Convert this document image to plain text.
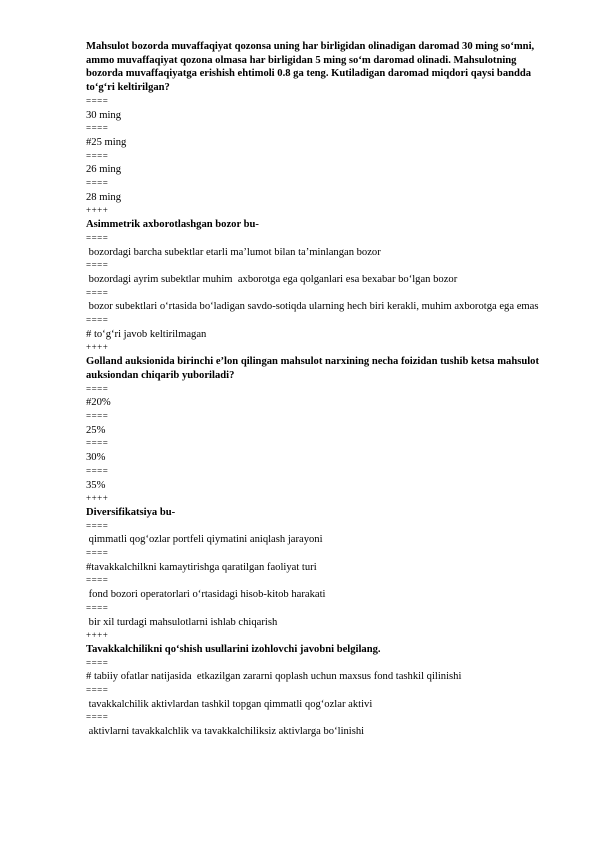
Mahsulot bozorda muvaffaqiyat qozonsa uning har birligidan olinadigan daromad 30 ming so‘mni, ammo muvaffaqiyat qozona olmasa har birligidan 5 ming so‘m daromad olinadi. Mahsulotning bozorda muvaffaqiyatga erishish ehtimoli 0.8 ga teng. Kutiladigan daromad miqdori qaysi bandda to‘g‘ri keltirilgan?
====
30 ming
====
#25 ming
====
26 ming
====
28 ming
++++
Asimmetrik axborotlashgan bozor bu-
====
bozordagi barcha subektlar etarli ma’lumot bilan ta’minlangan bozor
====
bozordagi ayrim subektlar muhim  axborotga ega qolganlari esa bexabar bo‘lgan bozor
====
bozor subektlari o‘rtasida bo‘ladigan savdo-sotiqda ularning hech biri kerakli, muhim axborotga ega emas
====
# to‘g‘ri javob keltirilmagan
++++
Golland auksionida birinchi e’lon qilingan mahsulot narxining necha foizidan tushib ketsa mahsulot auksiondan chiqarib yuboriladi?
====
#20%
====
25%
====
30%
====
35%
++++
Diversifikatsiya bu-
====
qimmatli qog‘ozlar portfeli qiymatini aniqlash jarayoni
====
#tavakkalchilkni kamaytirishga qaratilgan faoliyat turi
====
fond bozori operatorlari o‘rtasidagi hisob-kitob harakati
====
bir xil turdagi mahsulotlarni ishlab chiqarish
++++
Tavakkalchilikni qo‘shish usullarini izohlovchi javobni belgilang.
====
# tabiiy ofatlar natijasida  etkazilgan zararni qoplash uchun maxsus fond tashkil qilinishi
====
tavakkalchilik aktivlardan tashkil topgan qimmatli qog‘ozlar aktivi
====
aktivlarni tavakkalchlik va tavakkalchiliksiz aktivlarga bo‘linishi
